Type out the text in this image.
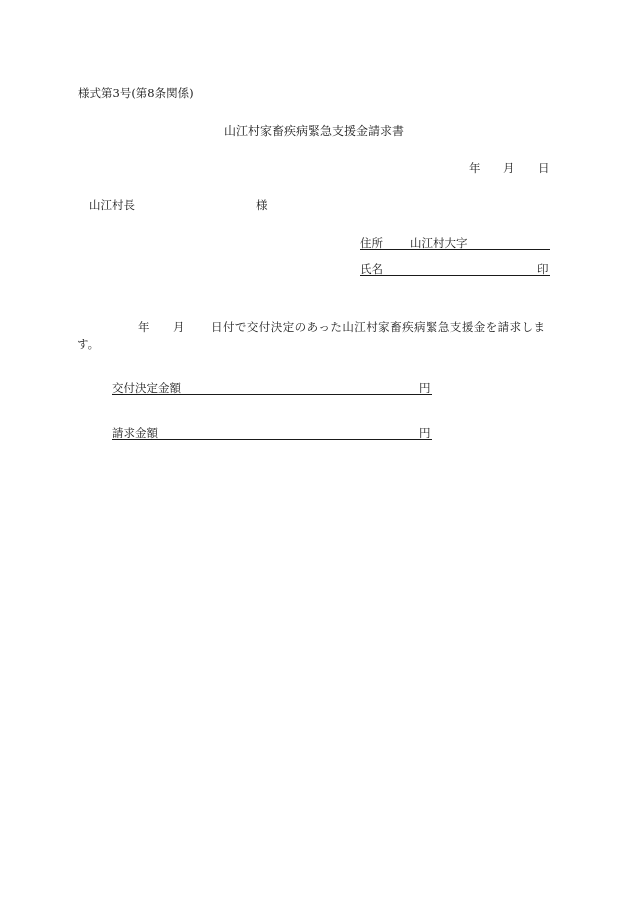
様式第3号(第8条関係)
山江村家畜疾病緊急支援金請求書
年 月 日
山江村長	様
住所 山江村大字
氏名	印
年 月 日付で交付決定のあった山江村家畜疾病緊急支援金を請求しま
す。
交付決定金額	円
請求金額	円
